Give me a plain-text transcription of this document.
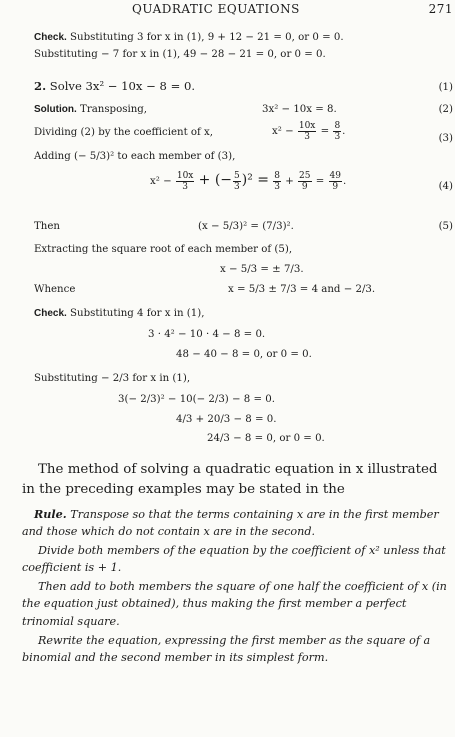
QUADRATIC EQUATIONS	271
Check. Substituting 3 for x in (1), 9 + 12 − 21 = 0, or 0 = 0.
Substituting − 7 for x in (1), 49 − 28 − 21 = 0, or 0 = 0.
2. Solve 3x² − 10x − 8 = 0.	(1)
Solution. Transposing,	3x² − 10x = 8.	(2)
Dividing (2) by the coefficient of x,	$x^2 - \frac{10x}{3} = \frac{8}{3}$ .
(3)
Adding (− 5/3)² to each member of (3),
$x^2 - \frac{10x}{3}$ + (− $\frac{5}{3} )^2 = \frac{8}{3} + \frac{25}{9} = \frac{49}{9}$ .	(4)
Then	(x − 5/3)² = (7/3)².	(5)
Extracting the square root of each member of (5),
x − 5/3 = ± 7/3.
Whence	x = 5/3 ± 7/3 = 4 and − 2/3.
Check. Substituting 4 for x in (1),
3 · 4² − 10 · 4 − 8 = 0.
48 − 40 − 8 = 0, or 0 = 0.
Substituting − 2/3 for x in (1),
3(− 2/3)² − 10(− 2/3) − 8 = 0.
4/3 + 20/3 − 8 = 0.
24/3 − 8 = 0, or 0 = 0.
The method of solving a quadratic equation in x illustrated in the preceding examples may be stated in the
Rule. Transpose so that the terms containing x are in the first member and those which do not contain x are in the second.
Divide both members of the equation by the coefficient of x² unless that coefficient is + 1.
Then add to both members the square of one half the coefficient of x (in the equation just obtained), thus making the first member a perfect trinomial square.
Rewrite the equation, expressing the first member as the square of a binomial and the second member in its simplest form.
